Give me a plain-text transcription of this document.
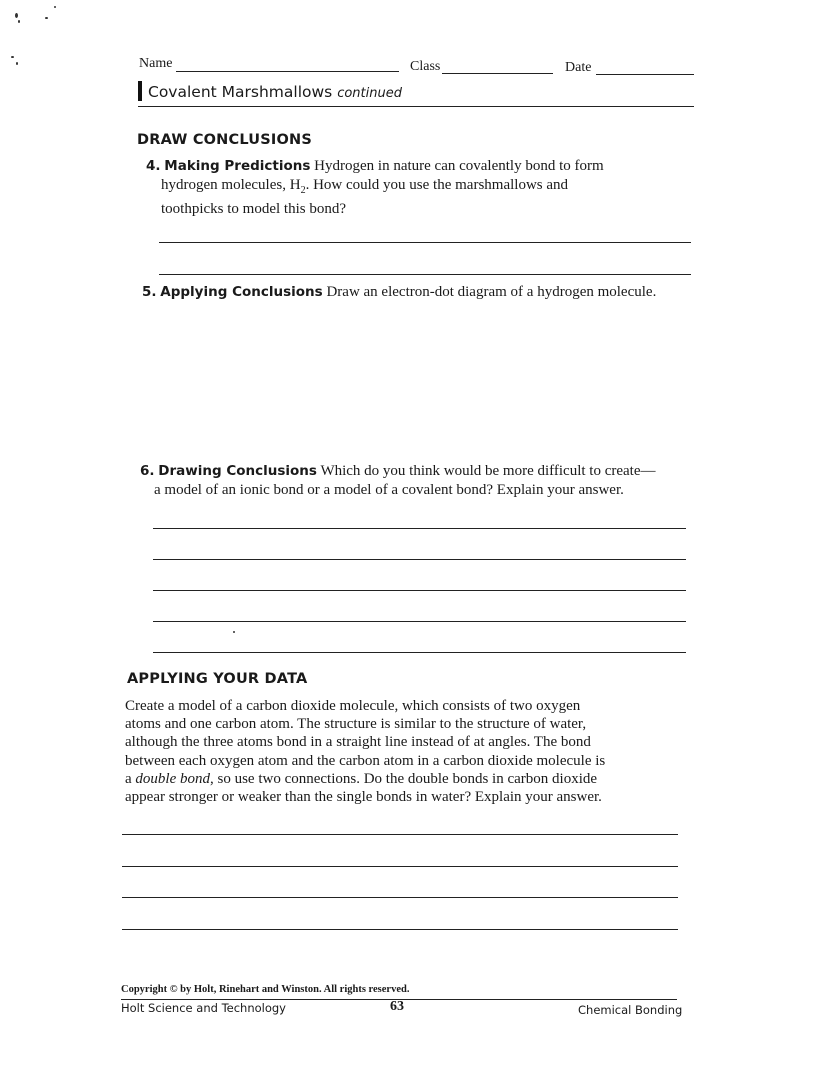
Name	Class	Date
Covalent Marshmallows continued
DRAW CONCLUSIONS
4. Making Predictions Hydrogen in nature can covalently bond to form
hydrogen molecules, $H_2$. How could you use the marshmallows and
toothpicks to model this bond?
5. Applying Conclusions Draw an electron-dot diagram of a hydrogen molecule.
6. Drawing Conclusions Which do you think would be more difficult to create—
a model of an ionic bond or a model of a covalent bond? Explain your answer.
APPLYING YOUR DATA
Create a model of a carbon dioxide molecule, which consists of two oxygen
atoms and one carbon atom. The structure is similar to the structure of water,
although the three atoms bond in a straight line instead of at angles. The bond
between each oxygen atom and the carbon atom in a carbon dioxide molecule is
a double bond, so use two connections. Do the double bonds in carbon dioxide
appear stronger or weaker than the single bonds in water? Explain your answer.
Copyright © by Holt, Rinehart and Winston. All rights reserved.
Holt Science and Technology	63	Chemical Bonding
